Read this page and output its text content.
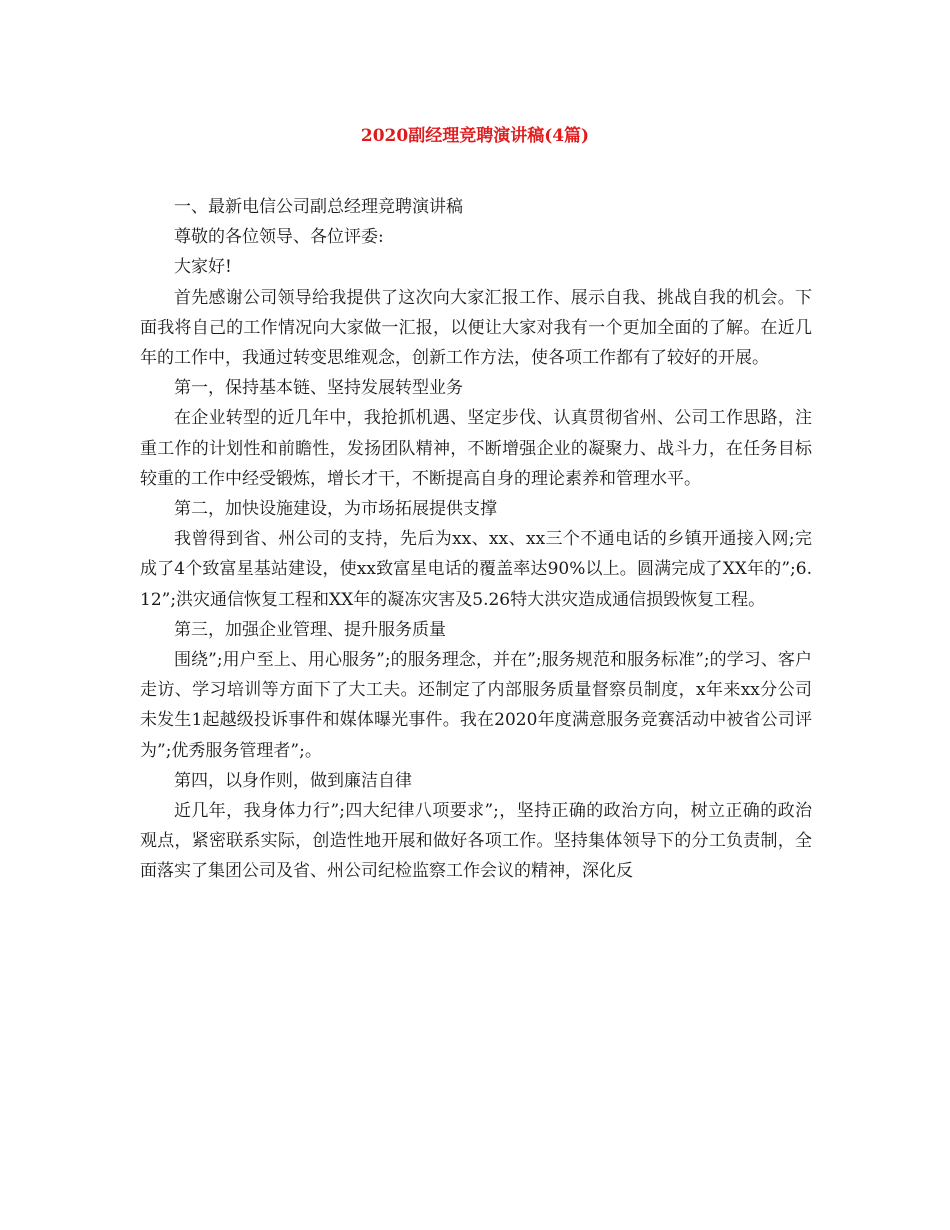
2020副经理竞聘演讲稿(4篇)

一、最新电信公司副总经理竞聘演讲稿

尊敬的各位领导、各位评委:

大家好!

首先感谢公司领导给我提供了这次向大家汇报工作、展示自我、挑战自我的机会。下面我将自己的工作情况向大家做一汇报，以便让大家对我有一个更加全面的了解。在近几年的工作中，我通过转变思维观念，创新工作方法，使各项工作都有了较好的开展。

第一，保持基本链、坚持发展转型业务

在企业转型的近几年中，我抢抓机遇、坚定步伐、认真贯彻省州、公司工作思路，注重工作的计划性和前瞻性，发扬团队精神，不断增强企业的凝聚力、战斗力，在任务目标较重的工作中经受锻炼，增长才干，不断提高自身的理论素养和管理水平。

第二，加快设施建设，为市场拓展提供支撑

我曾得到省、州公司的支持，先后为xx、xx、xx三个不通电话的乡镇开通接入网;完成了4个致富星基站建设，使xx致富星电话的覆盖率达90%以上。圆满完成了XX年的”;6.12”;洪灾通信恢复工程和XX年的凝冻灾害及5.26特大洪灾造成通信损毁恢复工程。

第三，加强企业管理、提升服务质量

围绕”;用户至上、用心服务”;的服务理念，并在”;服务规范和服务标准”;的学习、客户走访、学习培训等方面下了大工夫。还制定了内部服务质量督察员制度，x年来xx分公司未发生1起越级投诉事件和媒体曝光事件。我在2020年度满意服务竞赛活动中被省公司评为”;优秀服务管理者”;。

第四，以身作则，做到廉洁自律

近几年，我身体力行”;四大纪律八项要求”;，坚持正确的政治方向，树立正确的政治观点，紧密联系实际，创造性地开展和做好各项工作。坚持集体领导下的分工负责制，全面落实了集团公司及省、州公司纪检监察工作会议的精神，深化反
